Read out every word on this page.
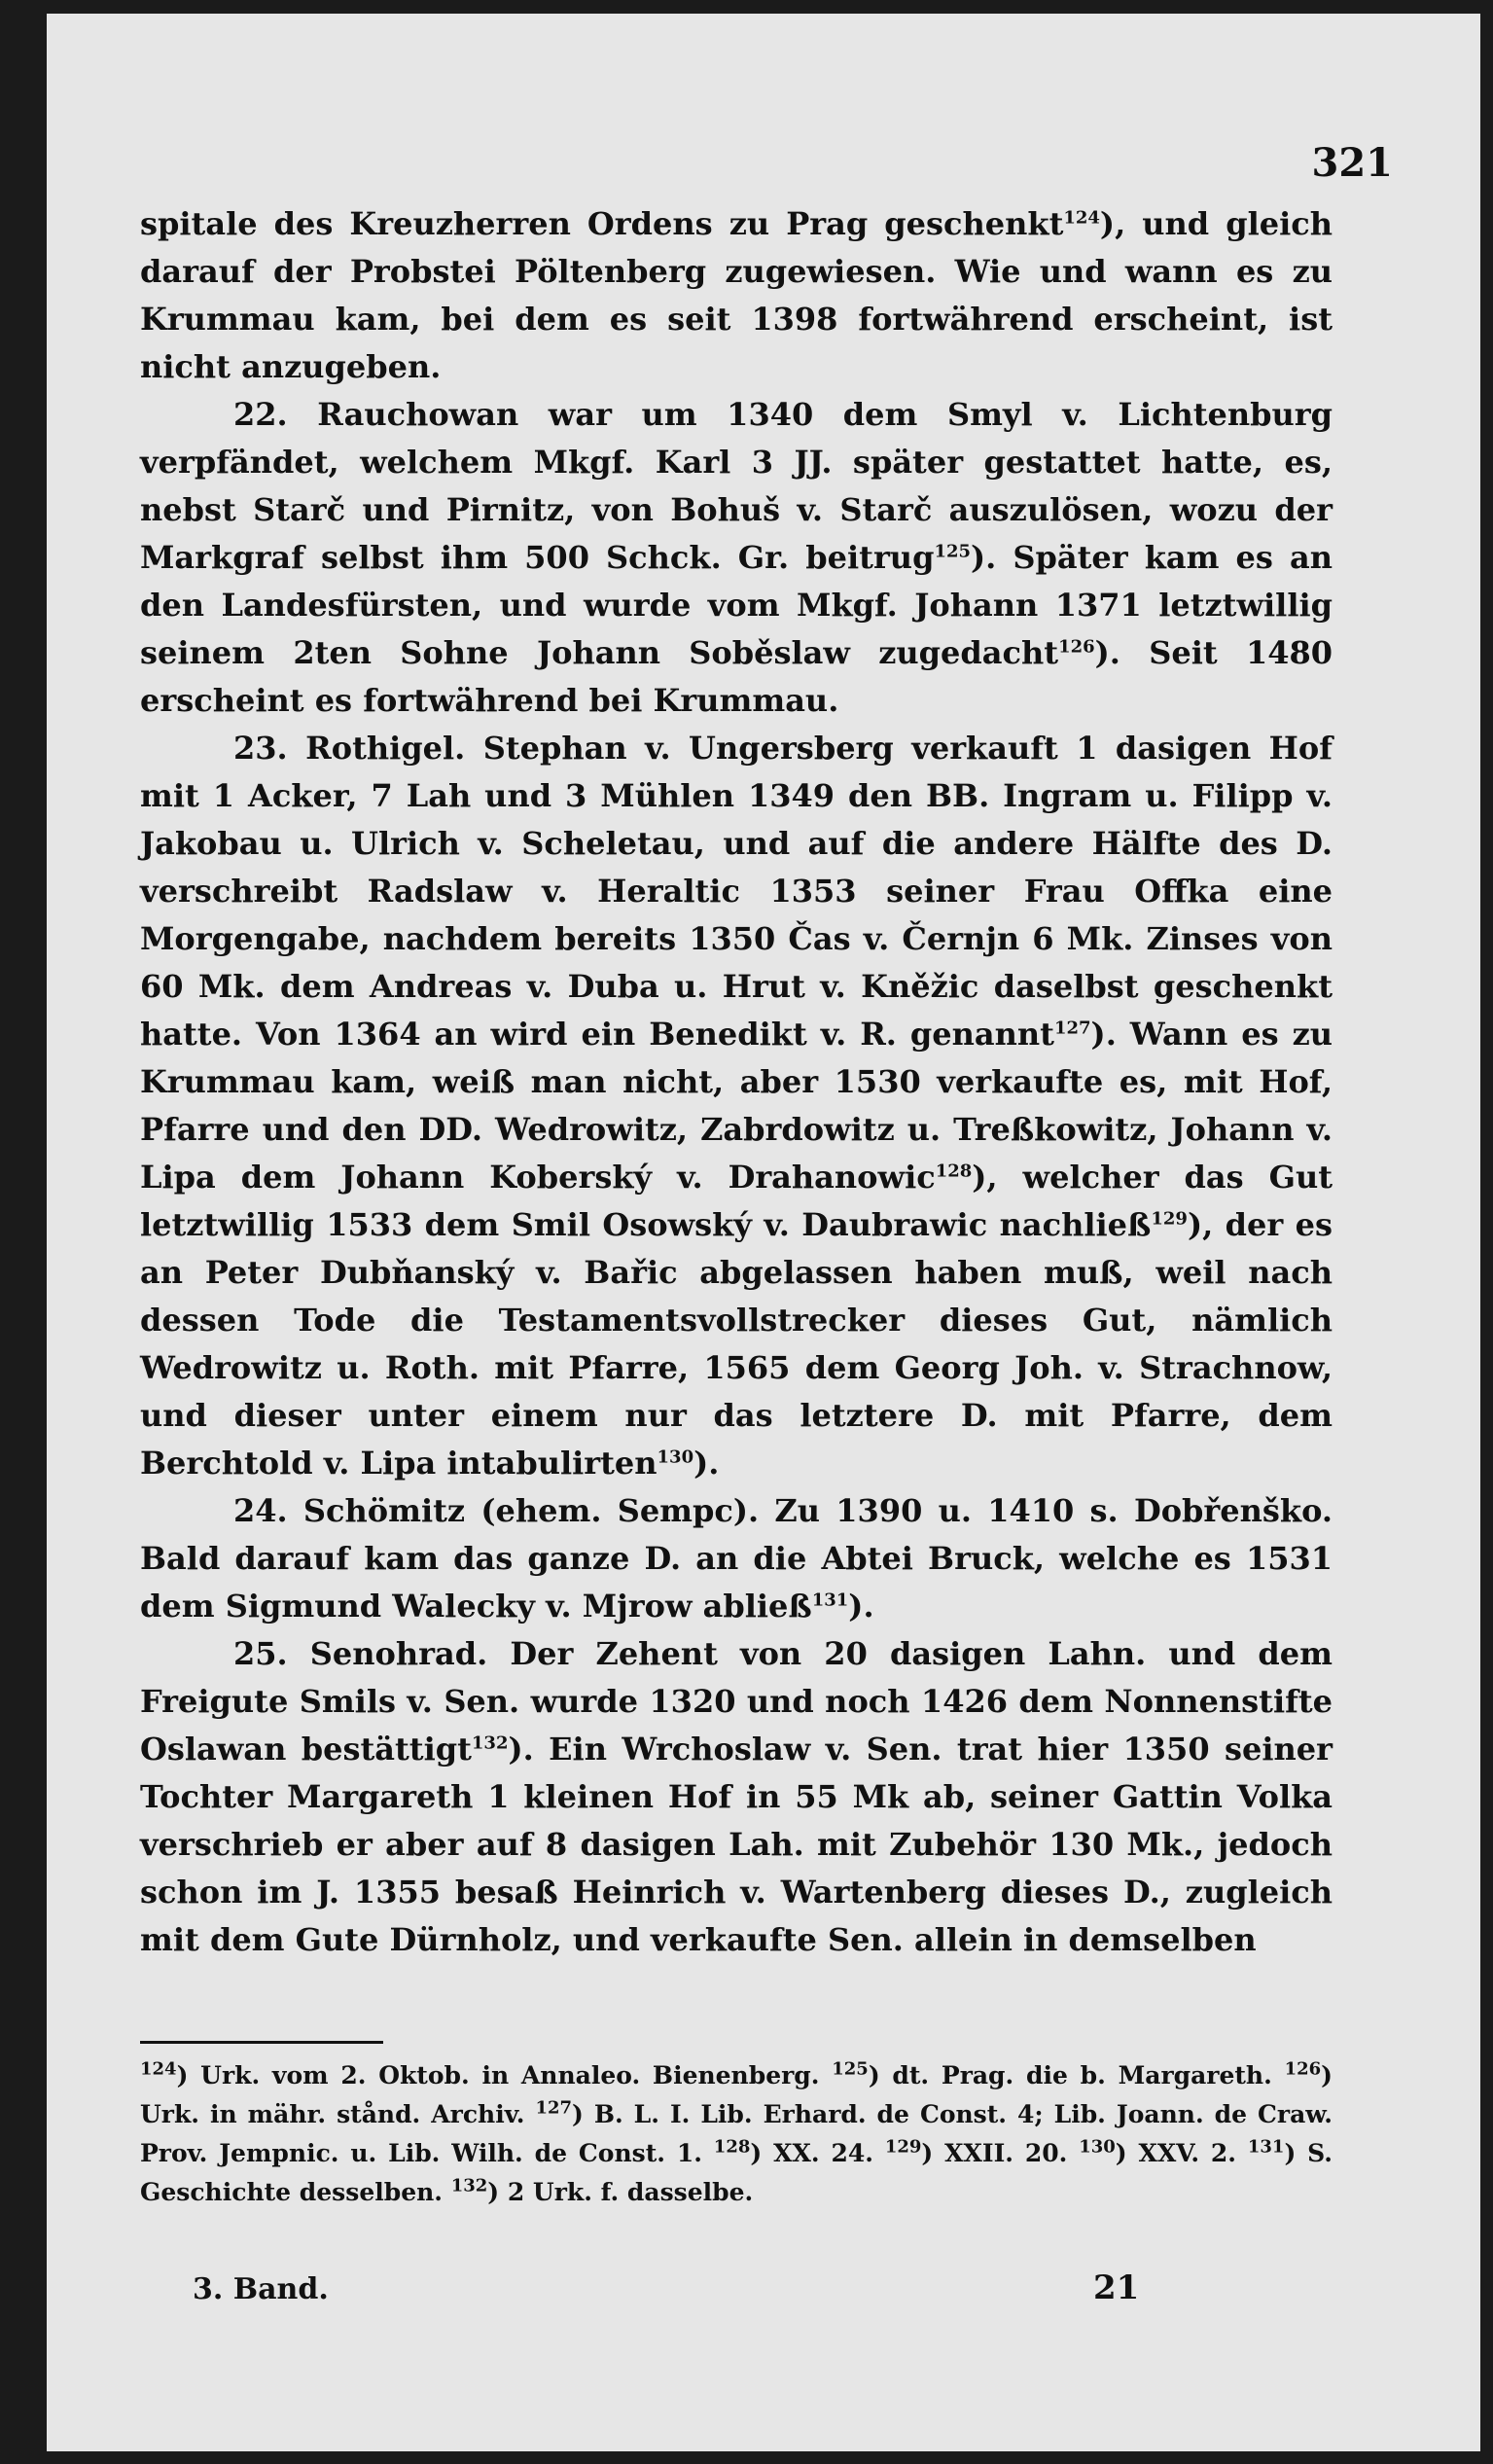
321

spitale des Kreuzherren Ordens zu Prag geschenkt$^{124}$), und gleich darauf der Probstei Pöltenberg zugewiesen. Wie und wann es zu Krummau kam, bei dem es seit 1398 fortwährend erscheint, ist nicht anzugeben.

22. Rauchowan war um 1340 dem Smyl v. Lichtenburg verpfändet, welchem Mkgf. Karl 3 JJ. später gestattet hatte, es, nebst Starč und Pirnitz, von Bohuš v. Starč auszulösen, wozu der Markgraf selbst ihm 500 Schck. Gr. beitrug$^{125}$). Später kam es an den Landesfürsten, und wurde vom Mkgf. Johann 1371 letztwillig seinem 2ten Sohne Johann Soběslaw zugedacht$^{126}$). Seit 1480 erscheint es fortwährend bei Krummau.

23. Rothigel. Stephan v. Ungersberg verkauft 1 dasigen Hof mit 1 Acker, 7 Lah und 3 Mühlen 1349 den BB. Ingram u. Filipp v. Jakobau u. Ulrich v. Scheletau, und auf die andere Hälfte des D. verschreibt Radslaw v. Heraltic 1353 seiner Frau Offka eine Morgengabe, nachdem bereits 1350 Čas v. Černjn 6 Mk. Zinses von 60 Mk. dem Andreas v. Duba u. Hrut v. Kněžic daselbst geschenkt hatte. Von 1364 an wird ein Benedikt v. R. genannt$^{127}$). Wann es zu Krummau kam, weiß man nicht, aber 1530 verkaufte es, mit Hof, Pfarre und den DD. Wedrowitz, Zabrdowitz u. Treßkowitz, Johann v. Lipa dem Johann Koberský v. Drahanowic$^{128}$), welcher das Gut letztwillig 1533 dem Smil Osowský v. Daubrawic nachließ$^{129}$), der es an Peter Dubňanský v. Bařic abgelassen haben muß, weil nach dessen Tode die Testamentsvollstrecker dieses Gut, nämlich Wedrowitz u. Roth. mit Pfarre, 1565 dem Georg Joh. v. Strachnow, und dieser unter einem nur das letztere D. mit Pfarre, dem Berchtold v. Lipa intabulirten$^{130}$).

24. Schömitz (ehem. Sempc). Zu 1390 u. 1410 s. Dobřenško. Bald darauf kam das ganze D. an die Abtei Bruck, welche es 1531 dem Sigmund Walecky v. Mjrow abließ$^{131}$).

25. Senohrad. Der Zehent von 20 dasigen Lahn. und dem Freigute Smils v. Sen. wurde 1320 und noch 1426 dem Nonnenstifte Oslawan bestättigt$^{132}$). Ein Wrchoslaw v. Sen. trat hier 1350 seiner Tochter Margareth 1 kleinen Hof in 55 Mk ab, seiner Gattin Volka verschrieb er aber auf 8 dasigen Lah. mit Zubehör 130 Mk., jedoch schon im J. 1355 besaß Heinrich v. Wartenberg dieses D., zugleich mit dem Gute Dürnholz, und verkaufte Sen. allein in demselben

$^{124}$) Urk. vom 2. Oktob. in Annaleo. Bienenberg. $^{125}$) dt. Prag. die b. Margareth. $^{126}$) Urk. in mähr. stånd. Archiv. $^{127}$) B. L. I. Lib. Erhard. de Const. 4; Lib. Joann. de Craw. Prov. Jempnic. u. Lib. Wilh. de Const. 1. $^{128}$) XX. 24. $^{129}$) XXII. 20. $^{130}$) XXV. 2. $^{131}$) S. Geschichte desselben. $^{132}$) 2 Urk. f. dasselbe.
3. Band.	21
